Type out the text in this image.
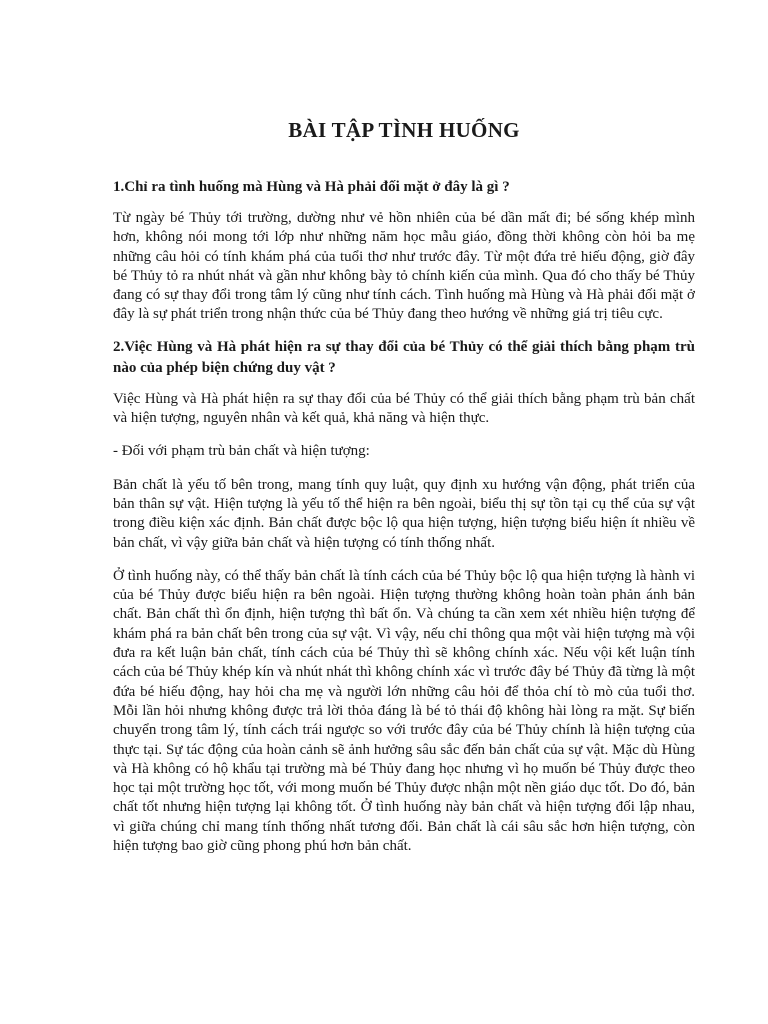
BÀI TẬP TÌNH HUỐNG

1.Chỉ ra tình huống mà Hùng và Hà phải đối mặt ở đây là gì ?

Từ ngày bé Thủy tới trường, dường như vẻ hồn nhiên của bé dần mất đi; bé sống khép mình hơn, không nói mong tới lớp như những năm học mẫu giáo, đồng thời không còn hỏi ba mẹ những câu hỏi có tính khám phá của tuổi thơ như trước đây. Từ một đứa trẻ hiếu động, giờ đây bé Thủy tỏ ra nhút nhát và gần như không bày tỏ chính kiến của mình. Qua đó cho thấy bé Thủy đang có sự thay đổi trong tâm lý cũng như tính cách. Tình huống mà Hùng và Hà phải đối mặt ở đây là sự phát triển trong nhận thức của bé Thủy đang theo hướng về những giá trị tiêu cực.

2.Việc Hùng và Hà phát hiện ra sự thay đổi của bé Thủy có thể giải thích bằng phạm trù nào của phép biện chứng duy vật ?

Việc Hùng và Hà phát hiện ra sự thay đổi của bé Thủy có thể giải thích bằng phạm trù bản chất và hiện tượng, nguyên nhân và kết quả, khả năng và hiện thực.

- Đối với phạm trù bản chất và hiện tượng:

Bản chất là yếu tố bên trong, mang tính quy luật, quy định xu hướng vận động, phát triển của bản thân sự vật. Hiện tượng là yếu tố thể hiện ra bên ngoài, biểu thị sự tồn tại cụ thể của sự vật trong điều kiện xác định. Bản chất được bộc lộ qua hiện tượng, hiện tượng biểu hiện ít nhiều về bản chất, vì vậy giữa bản chất và hiện tượng có tính thống nhất.

Ở tình huống này, có thể thấy bản chất là tính cách của bé Thủy bộc lộ qua hiện tượng là hành vi của bé Thủy được biểu hiện ra bên ngoài. Hiện tượng thường không hoàn toàn phản ánh bản chất. Bản chất thì ổn định, hiện tượng thì bất ổn. Và chúng ta cần xem xét nhiều hiện tượng để khám phá ra bản chất bên trong của sự vật. Vì vậy, nếu chỉ thông qua một vài hiện tượng mà vội đưa ra kết luận bản chất, tính cách của bé Thủy thì sẽ không chính xác. Nếu vội kết luận tính cách của bé Thủy khép kín và nhút nhát thì không chính xác vì trước đây bé Thủy đã từng là một đứa bé hiếu động, hay hỏi cha mẹ và người lớn những câu hỏi để thỏa chí tò mò của tuổi thơ. Mỗi lần hỏi nhưng không được trả lời thỏa đáng là bé tỏ thái độ không hài lòng ra mặt. Sự biến chuyển trong tâm lý, tính cách trái ngược so với trước đây của bé Thủy chính là hiện tượng của thực tại. Sự tác động của hoàn cảnh sẽ ảnh hưởng sâu sắc đến bản chất của sự vật. Mặc dù Hùng và Hà không có hộ khẩu tại trường mà bé Thủy đang học nhưng vì họ muốn bé Thủy được theo học tại một trường học tốt, với mong muốn bé Thủy được nhận một nền giáo dục tốt. Do đó, bản chất tốt nhưng hiện tượng lại không tốt. Ở tình huống này bản chất và hiện tượng đối lập nhau, vì giữa chúng chỉ mang tính thống nhất tương đối. Bản chất là cái sâu sắc hơn hiện tượng, còn hiện tượng bao giờ cũng phong phú hơn bản chất.
